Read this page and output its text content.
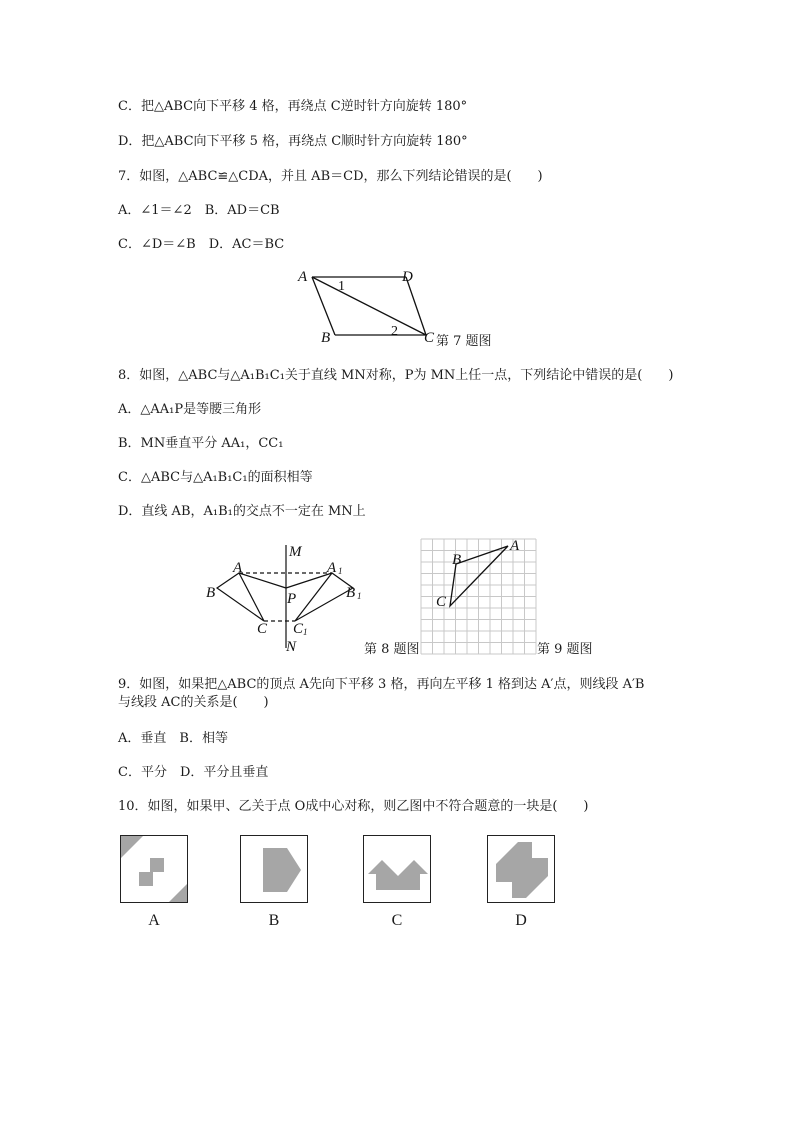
C．把△ABC向下平移 4 格，再绕点 C逆时针方向旋转 180°
D．把△ABC向下平移 5 格，再绕点 C顺时针方向旋转 180°
7．如图，△ABC≌△CDA，并且 AB＝CD，那么下列结论错误的是(　　)
A．∠1＝∠2　B．AD＝CB
C．∠D＝∠B　D．AC＝BC
A	D
B	C
1
2
第 7 题图
8．如图，△ABC与△A₁B₁C₁关于直线 MN对称，P为 MN上任一点，下列结论中错误的是(　　)
A．△AA₁P是等腰三角形
B．MN垂直平分 AA₁，CC₁
C．△ABC与△A₁B₁C₁的面积相等
D．直线 AB，A₁B₁的交点不一定在 MN上
M
N
P
A
B
C
A 1
B 1
C 1
第 8 题图
A
B
C
第 9 题图
9．如图，如果把△ABC的顶点 A先向下平移 3 格，再向左平移 1 格到达 A′点，则线段 A′B
与线段 AC的关系是(　　)
A．垂直　B．相等
C．平分　D．平分且垂直
10．如图，如果甲、乙关于点 O成中心对称，则乙图中不符合题意的一块是(　　)
A	B	C	D
